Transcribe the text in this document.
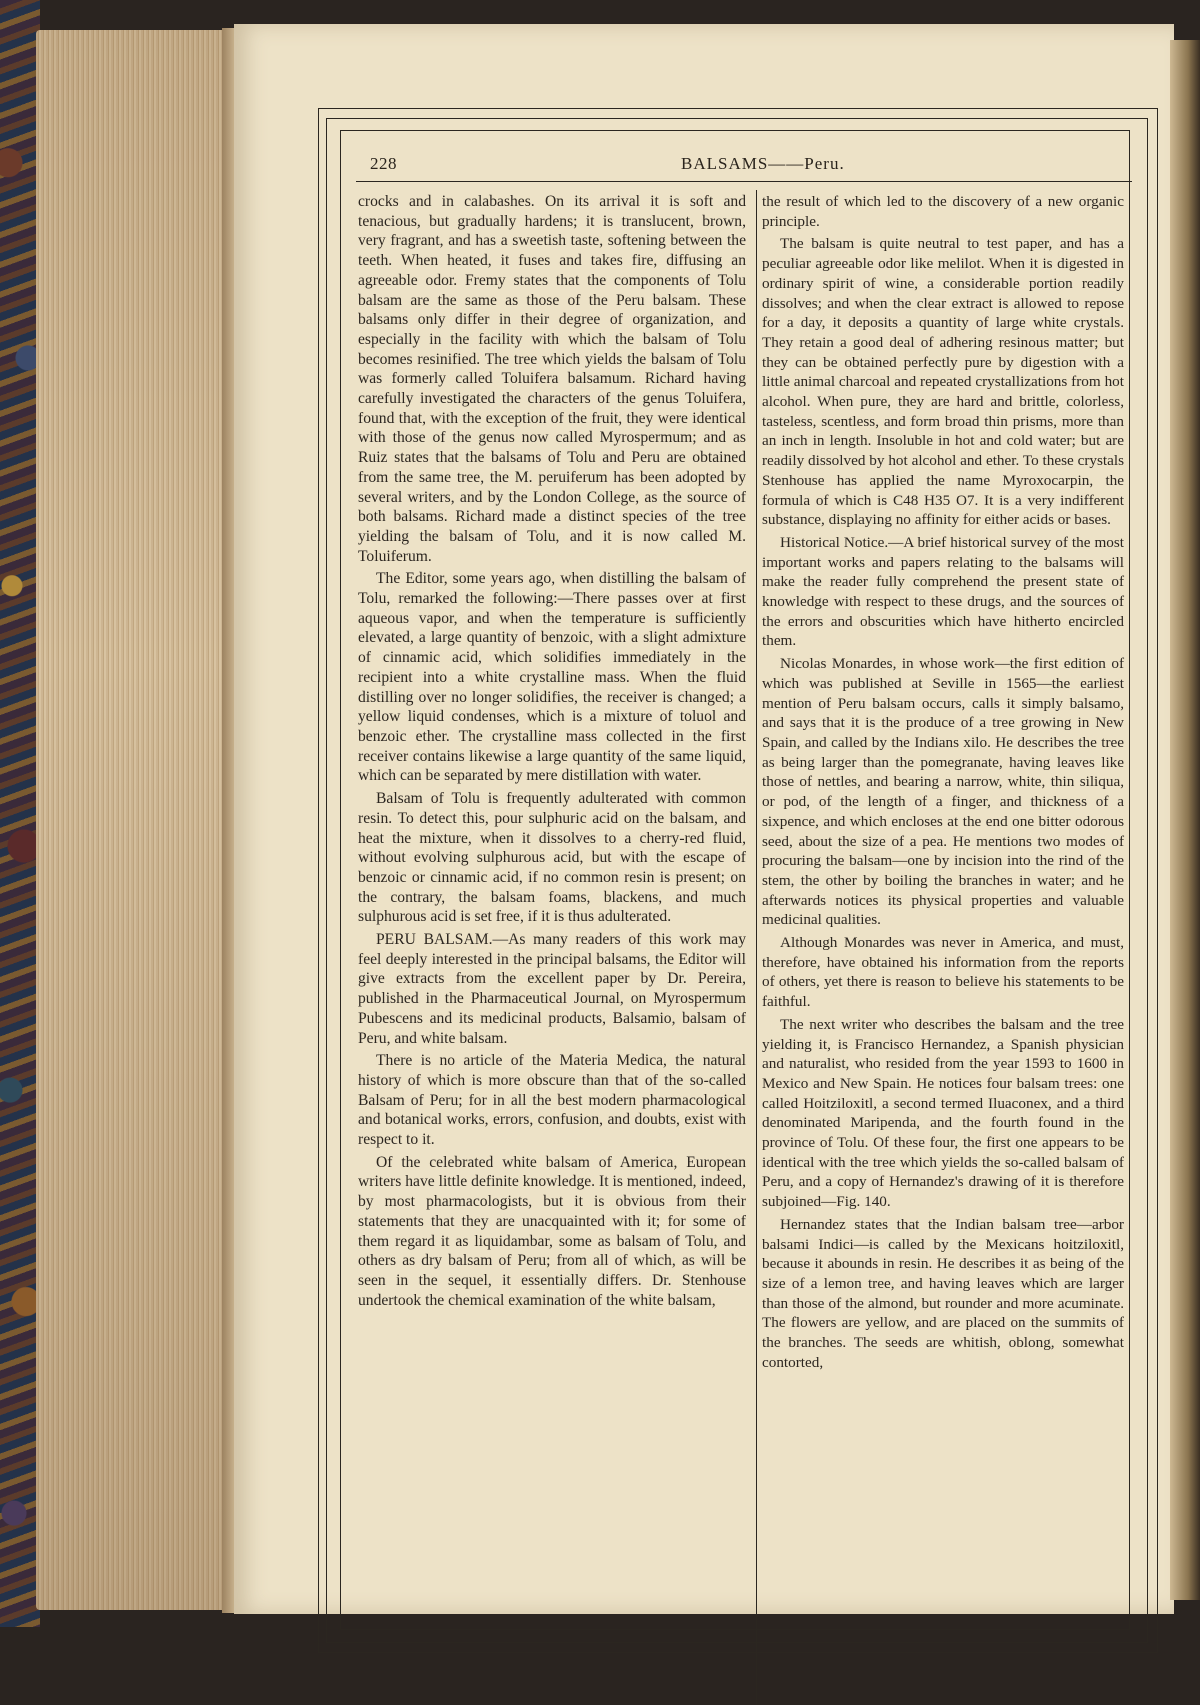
228	BALSAMS——Peru.

crocks and in calabashes. On its arrival it is soft and tenacious, but gradually hardens; it is translucent, brown, very fragrant, and has a sweetish taste, softening between the teeth. When heated, it fuses and takes fire, diffusing an agreeable odor. Fremy states that the components of Tolu balsam are the same as those of the Peru balsam. These balsams only differ in their degree of organization, and especially in the facility with which the balsam of Tolu becomes resinified. The tree which yields the balsam of Tolu was formerly called Toluifera balsamum. Richard having carefully investigated the characters of the genus Toluifera, found that, with the exception of the fruit, they were identical with those of the genus now called Myrospermum; and as Ruiz states that the balsams of Tolu and Peru are obtained from the same tree, the M. peruiferum has been adopted by several writers, and by the London College, as the source of both balsams. Richard made a distinct species of the tree yielding the balsam of Tolu, and it is now called M. Toluiferum.

The Editor, some years ago, when distilling the balsam of Tolu, remarked the following:—There passes over at first aqueous vapor, and when the temperature is sufficiently elevated, a large quantity of benzoic, with a slight admixture of cinnamic acid, which solidifies immediately in the recipient into a white crystalline mass. When the fluid distilling over no longer solidifies, the receiver is changed; a yellow liquid condenses, which is a mixture of toluol and benzoic ether. The crystalline mass collected in the first receiver contains likewise a large quantity of the same liquid, which can be separated by mere distillation with water.

Balsam of Tolu is frequently adulterated with common resin. To detect this, pour sulphuric acid on the balsam, and heat the mixture, when it dissolves to a cherry-red fluid, without evolving sulphurous acid, but with the escape of benzoic or cinnamic acid, if no common resin is present; on the contrary, the balsam foams, blackens, and much sulphurous acid is set free, if it is thus adulterated.

PERU BALSAM.—As many readers of this work may feel deeply interested in the principal balsams, the Editor will give extracts from the excellent paper by Dr. Pereira, published in the Pharmaceutical Journal, on Myrospermum Pubescens and its medicinal products, Balsamio, balsam of Peru, and white balsam.

There is no article of the Materia Medica, the natural history of which is more obscure than that of the so-called Balsam of Peru; for in all the best modern pharmacological and botanical works, errors, confusion, and doubts, exist with respect to it.

Of the celebrated white balsam of America, European writers have little definite knowledge. It is mentioned, indeed, by most pharmacologists, but it is obvious from their statements that they are unacquainted with it; for some of them regard it as liquidambar, some as balsam of Tolu, and others as dry balsam of Peru; from all of which, as will be seen in the sequel, it essentially differs. Dr. Stenhouse undertook the chemical examination of the white balsam,

the result of which led to the discovery of a new organic principle.

The balsam is quite neutral to test paper, and has a peculiar agreeable odor like melilot. When it is digested in ordinary spirit of wine, a considerable portion readily dissolves; and when the clear extract is allowed to repose for a day, it deposits a quantity of large white crystals. They retain a good deal of adhering resinous matter; but they can be obtained perfectly pure by digestion with a little animal charcoal and repeated crystallizations from hot alcohol. When pure, they are hard and brittle, colorless, tasteless, scentless, and form broad thin prisms, more than an inch in length. Insoluble in hot and cold water; but are readily dissolved by hot alcohol and ether. To these crystals Stenhouse has applied the name Myroxocarpin, the formula of which is C48 H35 O7. It is a very indifferent substance, displaying no affinity for either acids or bases.

Historical Notice.—A brief historical survey of the most important works and papers relating to the balsams will make the reader fully comprehend the present state of knowledge with respect to these drugs, and the sources of the errors and obscurities which have hitherto encircled them.

Nicolas Monardes, in whose work—the first edition of which was published at Seville in 1565—the earliest mention of Peru balsam occurs, calls it simply balsamo, and says that it is the produce of a tree growing in New Spain, and called by the Indians xilo. He describes the tree as being larger than the pomegranate, having leaves like those of nettles, and bearing a narrow, white, thin siliqua, or pod, of the length of a finger, and thickness of a sixpence, and which encloses at the end one bitter odorous seed, about the size of a pea. He mentions two modes of procuring the balsam—one by incision into the rind of the stem, the other by boiling the branches in water; and he afterwards notices its physical properties and valuable medicinal qualities.

Although Monardes was never in America, and must, therefore, have obtained his information from the reports of others, yet there is reason to believe his statements to be faithful.

The next writer who describes the balsam and the tree yielding it, is Francisco Hernandez, a Spanish physician and naturalist, who resided from the year 1593 to 1600 in Mexico and New Spain. He notices four balsam trees: one called Hoitziloxitl, a second termed Iluaconex, and a third denominated Maripenda, and the fourth found in the province of Tolu. Of these four, the first one appears to be identical with the tree which yields the so-called balsam of Peru, and a copy of Hernandez's drawing of it is therefore subjoined—Fig. 140.

Hernandez states that the Indian balsam tree—arbor balsami Indici—is called by the Mexicans hoitziloxitl, because it abounds in resin. He describes it as being of the size of a lemon tree, and having leaves which are larger than those of the almond, but rounder and more acuminate. The flowers are yellow, and are placed on the summits of the branches. The seeds are whitish, oblong, somewhat contorted,
